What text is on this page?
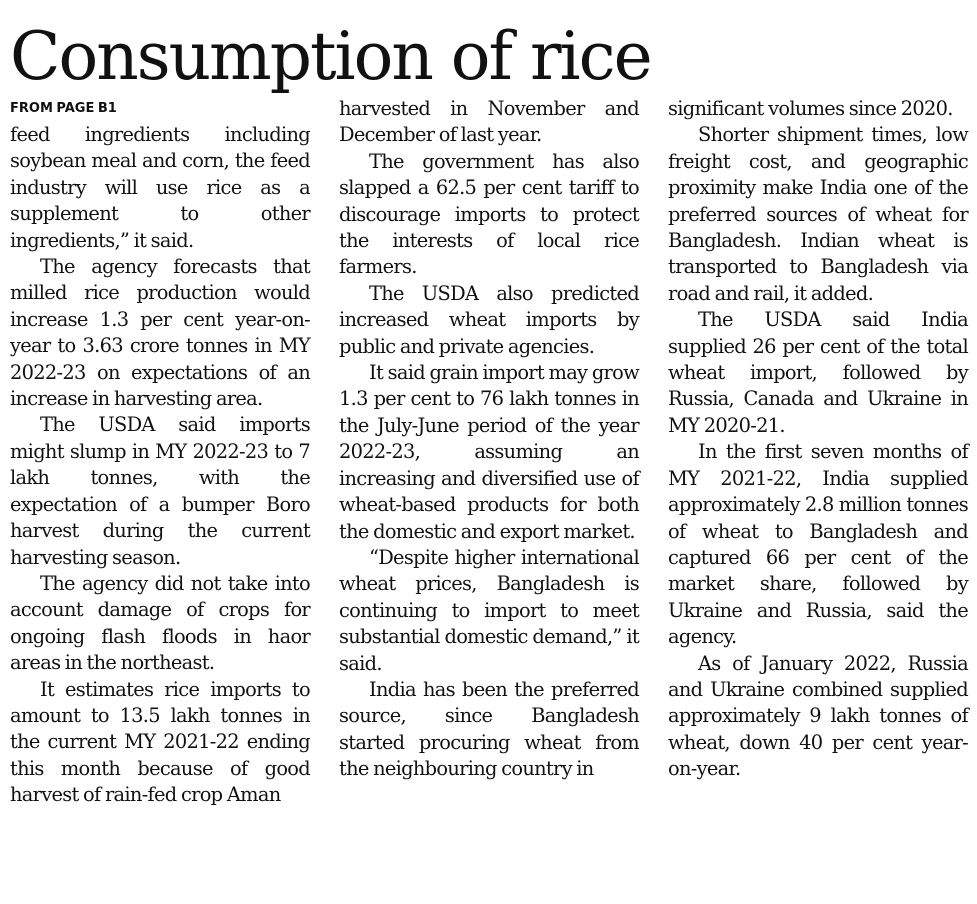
Consumption of rice
FROM PAGE B1

feed ingredients including soybean meal and corn, the feed industry will use rice as a supplement to other ingredients,” it said.

The agency forecasts that milled rice production would increase 1.3 per cent year-on-year to 3.63 crore tonnes in MY 2022-23 on expectations of an increase in harvesting area.

The USDA said imports might slump in MY 2022-23 to 7 lakh tonnes, with the expectation of a bumper Boro harvest during the current harvesting season.

The agency did not take into account damage of crops for ongoing flash floods in haor areas in the northeast.

It estimates rice imports to amount to 13.5 lakh tonnes in the current MY 2021-22 ending this month because of good harvest of rain-fed crop Aman

harvested in November and December of last year.

The government has also slapped a 62.5 per cent tariff to discourage imports to protect the interests of local rice farmers.

The USDA also predicted increased wheat imports by public and private agencies.

It said grain import may grow 1.3 per cent to 76 lakh tonnes in the July-June period of the year 2022-23, assuming an increasing and diversified use of wheat-based products for both the domestic and export market.

“Despite higher international wheat prices, Bangladesh is continuing to import to meet substantial domestic demand,” it said.

India has been the preferred source, since Bangladesh started procuring wheat from the neighbouring country in

significant volumes since 2020.

Shorter shipment times, low freight cost, and geographic proximity make India one of the preferred sources of wheat for Bangladesh. Indian wheat is transported to Bangladesh via road and rail, it added.

The USDA said India supplied 26 per cent of the total wheat import, followed by Russia, Canada and Ukraine in MY 2020-21.

In the first seven months of MY 2021-22, India supplied approximately 2.8 million tonnes of wheat to Bangladesh and captured 66 per cent of the market share, followed by Ukraine and Russia, said the agency.

As of January 2022, Russia and Ukraine combined supplied approximately 9 lakh tonnes of wheat, down 40 per cent year-on-year.
